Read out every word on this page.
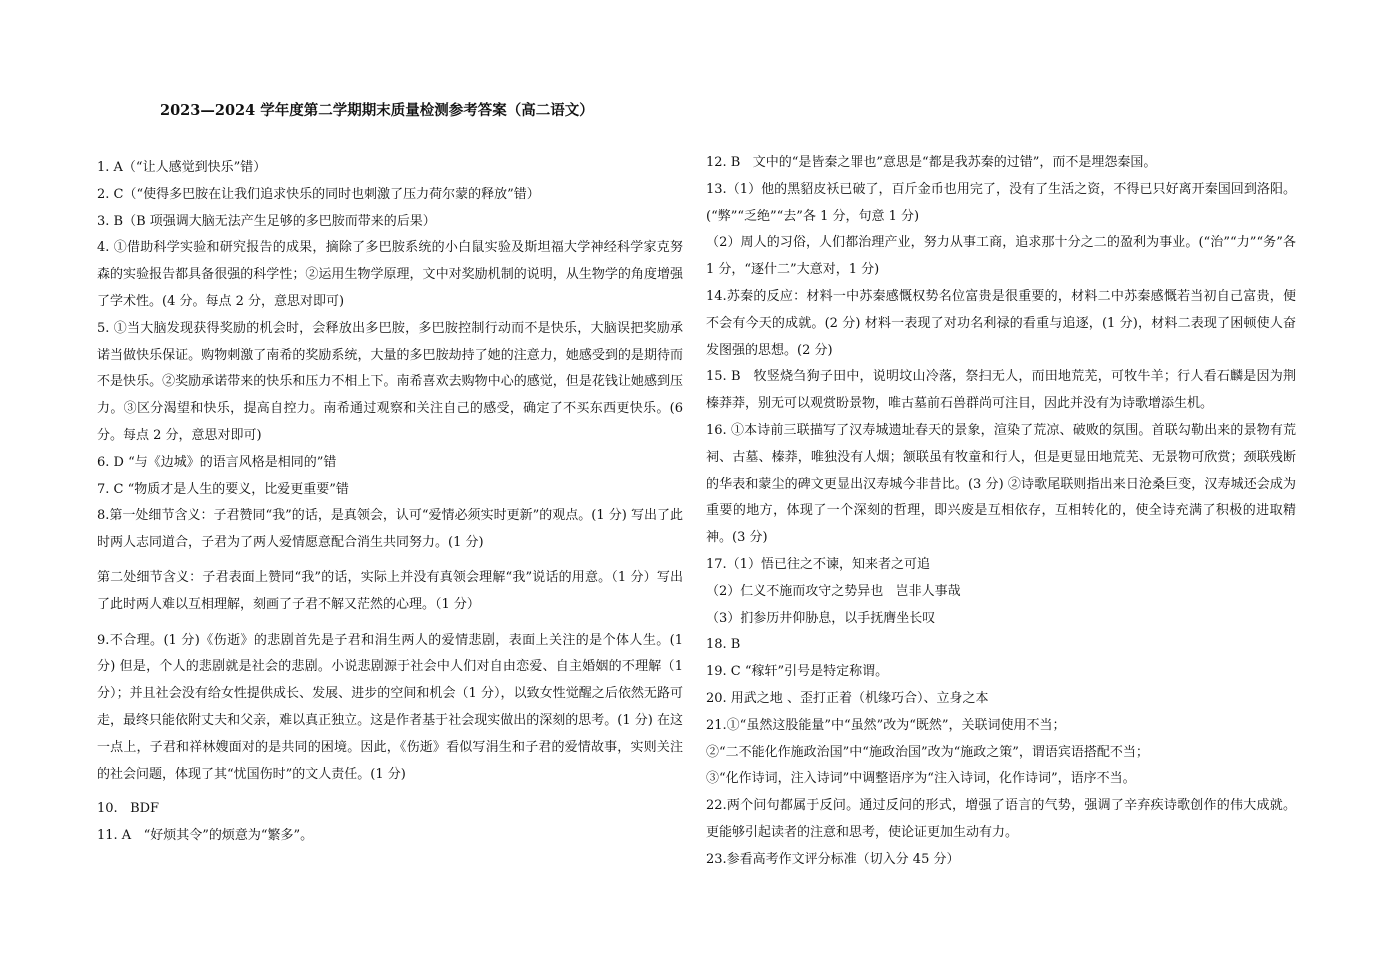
2023—2024 学年度第二学期期末质量检测参考答案（高二语文）

1. A（“让人感觉到快乐”错）

2. C（“使得多巴胺在让我们追求快乐的同时也刺激了压力荷尔蒙的释放”错）

3. B（B 项强调大脑无法产生足够的多巴胺而带来的后果）

4. ①借助科学实验和研究报告的成果，摘除了多巴胺系统的小白鼠实验及斯坦福大学神经科学家克努森的实验报告都具备很强的科学性；②运用生物学原理，文中对奖励机制的说明，从生物学的角度增强了学术性。(4 分。每点 2 分，意思对即可)

5. ①当大脑发现获得奖励的机会时，会释放出多巴胺，多巴胺控制行动而不是快乐，大脑误把奖励承诺当做快乐保证。购物刺激了南希的奖励系统，大量的多巴胺劫持了她的注意力，她感受到的是期待而不是快乐。②奖励承诺带来的快乐和压力不相上下。南希喜欢去购物中心的感觉，但是花钱让她感到压力。③区分渴望和快乐，提高自控力。南希通过观察和关注自己的感受，确定了不买东西更快乐。(6 分。每点 2 分，意思对即可)

6. D “与《边城》的语言风格是相同的”错

7. C “物质才是人生的要义，比爱更重要”错

8.第一处细节含义：子君赞同“我”的话，是真领会，认可“爱情必须实时更新”的观点。(1 分) 写出了此时两人志同道合，子君为了两人爱情愿意配合消生共同努力。(1 分)

第二处细节含义：子君表面上赞同“我”的话，实际上并没有真领会理解“我”说话的用意。（1 分）写出了此时两人难以互相理解，刻画了子君不解又茫然的心理。（1 分）

9.不合理。(1 分)《伤逝》的悲剧首先是子君和涓生两人的爱情悲剧，表面上关注的是个体人生。(1 分) 但是，个人的悲剧就是社会的悲剧。小说悲剧源于社会中人们对自由恋爱、自主婚姻的不理解（1 分）；并且社会没有给女性提供成长、发展、进步的空间和机会（1 分），以致女性觉醒之后依然无路可走，最终只能依附丈夫和父亲，难以真正独立。这是作者基于社会现实做出的深刻的思考。(1 分) 在这一点上，子君和祥林嫂面对的是共同的困境。因此，《伤逝》看似写涓生和子君的爱情故事，实则关注的社会问题，体现了其“忧国伤时”的文人责任。(1 分)

10.   BDF

11. A   “好烦其令”的烦意为“繁多”。

12. B   文中的“是皆秦之罪也”意思是“都是我苏秦的过错”，而不是埋怨秦国。

13.（1）他的黑貂皮袄已破了，百斤金币也用完了，没有了生活之资，不得已只好离开秦国回到洛阳。(“弊”“乏绝”“去”各 1 分，句意 1 分)

（2）周人的习俗，人们都治理产业，努力从事工商，追求那十分之二的盈利为事业。(“治”“力”“务”各 1 分，“逐什二”大意对，1 分)

14.苏秦的反应：材料一中苏秦感慨权势名位富贵是很重要的，材料二中苏秦感慨若当初自己富贵，便不会有今天的成就。(2 分) 材料一表现了对功名利禄的看重与追逐，(1 分)，材料二表现了困顿使人奋发图强的思想。(2 分)

15. B   牧竖烧刍狗子田中，说明坟山冷落，祭扫无人，而田地荒芜，可牧牛羊；行人看石麟是因为荆榛莽莽，别无可以观赏盼景物，唯古墓前石兽群尚可注目，因此并没有为诗歌增添生机。

16. ①本诗前三联描写了汉寿城遗址春天的景象，渲染了荒凉、破败的氛围。首联勾勒出来的景物有荒祠、古墓、榛莽，唯独没有人烟；颔联虽有牧童和行人，但是更显田地荒芜、无景物可欣赏；颈联残断的华表和蒙尘的碑文更显出汉寿城今非昔比。(3 分) ②诗歌尾联则指出来日沧桑巨变，汉寿城还会成为重要的地方，体现了一个深刻的哲理，即兴废是互相依存，互相转化的，使全诗充满了积极的进取精神。(3 分)

17.（1）悟已往之不谏，知来者之可追

（2）仁义不施而攻守之势异也   岂非人事哉

（3）扪参历井仰胁息，以手抚膺坐长叹

18. B

19. C “稼轩”引号是特定称谓。

20. 用武之地 、歪打正着（机缘巧合）、立身之本

21.①“虽然这股能量”中“虽然”改为“既然”，关联词使用不当；

②“二不能化作施政治国”中“施政治国”改为“施政之策”，谓语宾语搭配不当；

③“化作诗词，注入诗词”中调整语序为“注入诗词，化作诗词”，语序不当。

22.两个问句都属于反问。通过反问的形式，增强了语言的气势，强调了辛弃疾诗歌创作的伟大成就。更能够引起读者的注意和思考，使论证更加生动有力。

23.参看高考作文评分标准（切入分 45 分）
